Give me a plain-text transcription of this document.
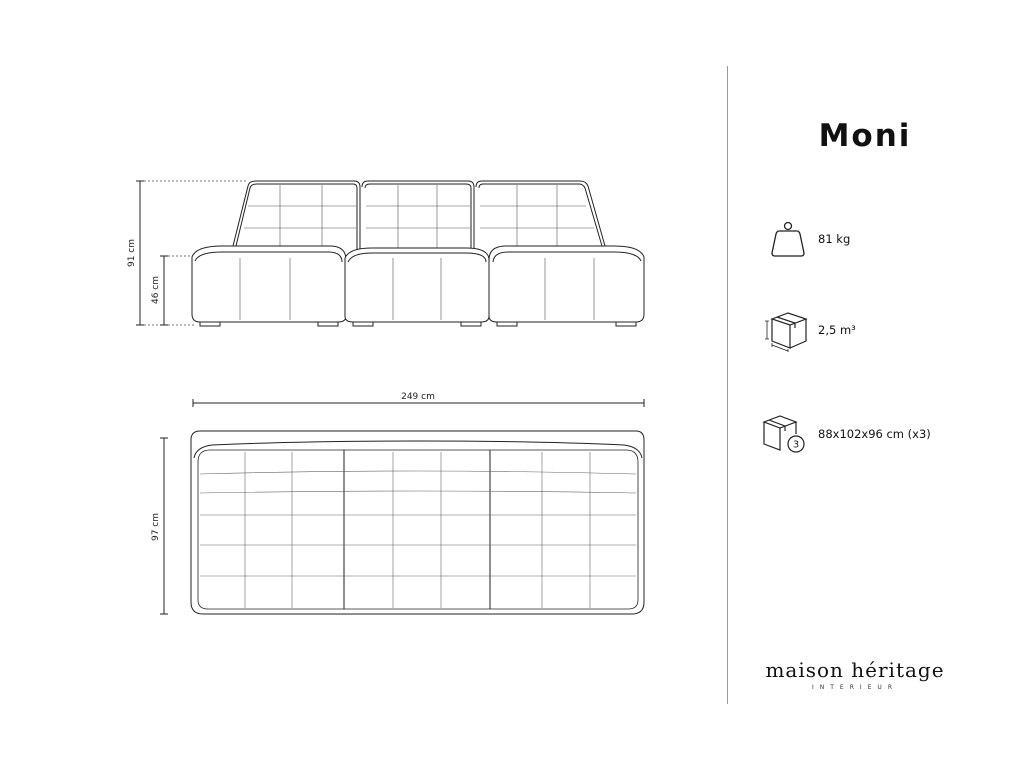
91 cm
46 cm
249 cm
97 cm
Moni
81 kg
2,5 m³
3
88x102x96 cm (x3)
maison héritage
INTERIEUR
